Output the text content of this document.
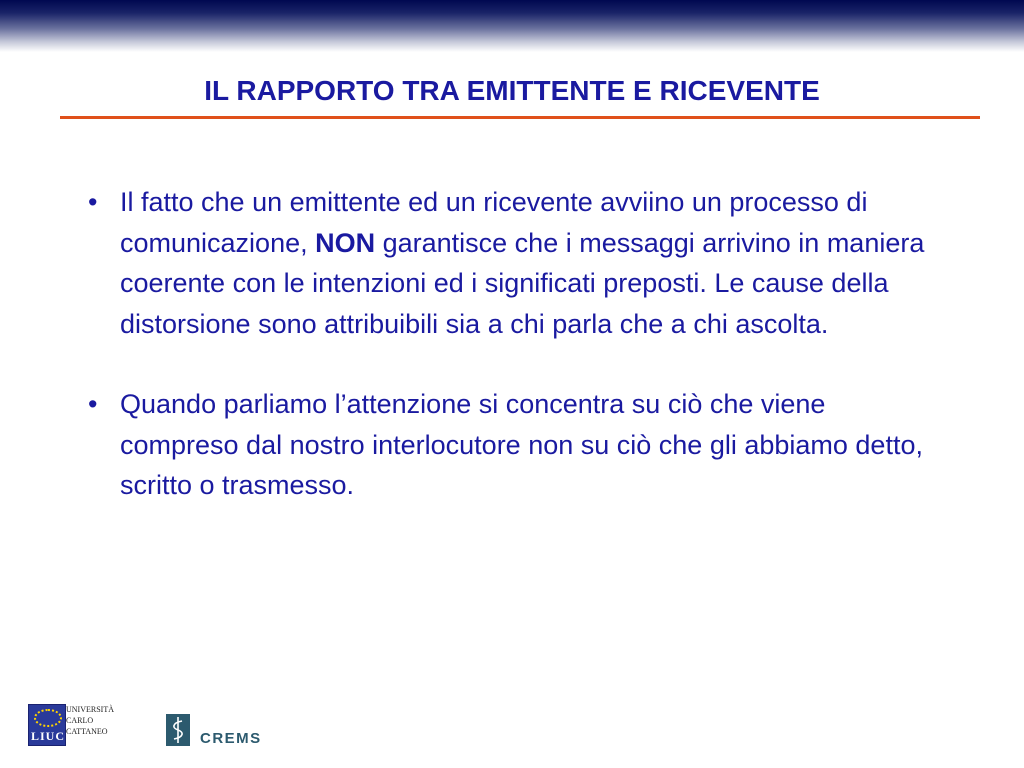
IL RAPPORTO TRA EMITTENTE E RICEVENTE
• Il fatto che un emittente ed un ricevente avviino un processo di comunicazione, NON garantisce che i messaggi arrivino in maniera coerente con le intenzioni ed i significati preposti. Le cause della distorsione sono attribuibili sia a chi parla che a chi ascolta.
• Quando parliamo l’attenzione si concentra su ciò che viene compreso dal nostro interlocutore non su ciò che gli abbiamo detto, scritto o trasmesso.
LIUC
UNIVERSITÀ
CARLO
CATTANEO	CREMS
